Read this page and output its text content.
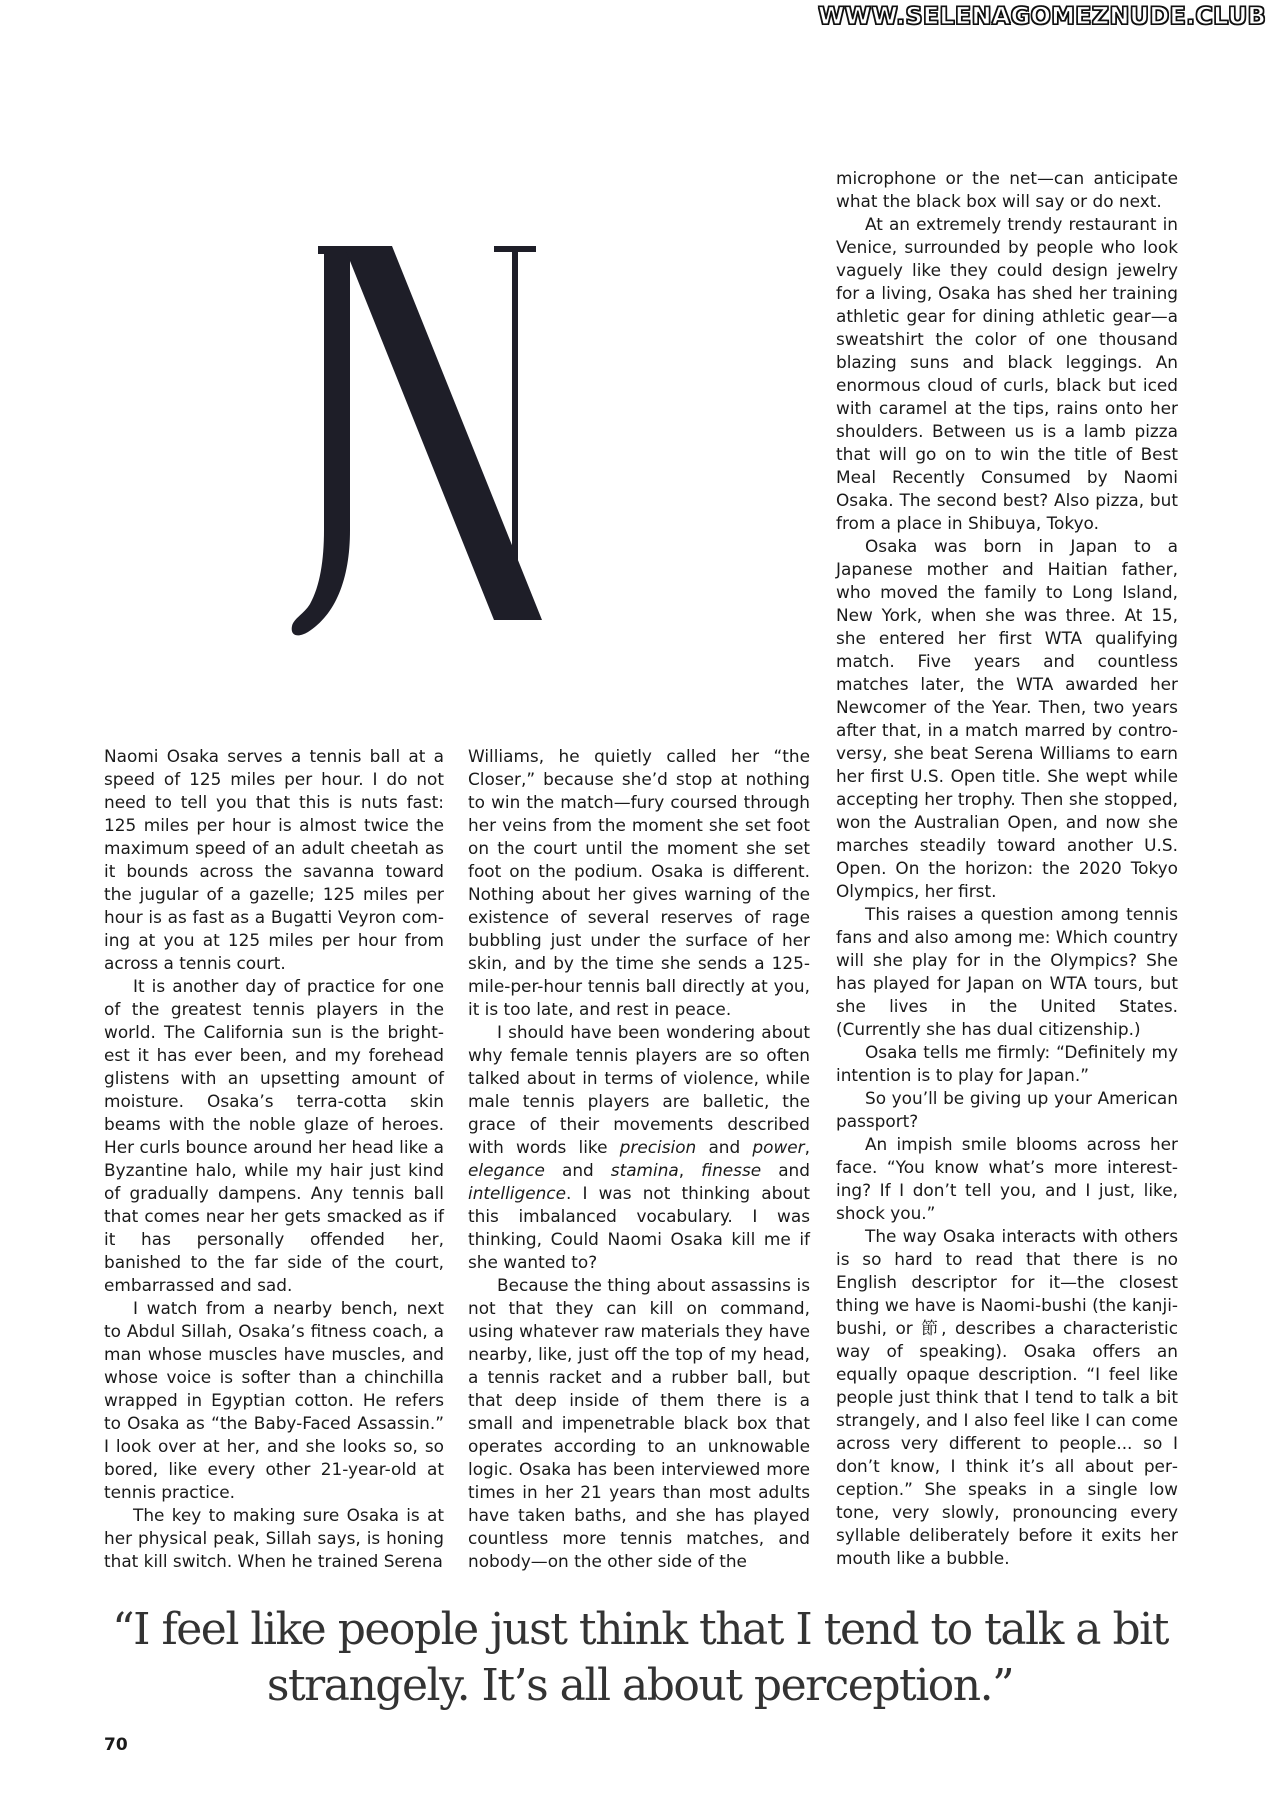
WWW.SELENAGOMEZNUDE.CLUB

Naomi Osaka serves a tennis ball at a speed of 125 miles per hour. I do not need to tell you that this is nuts fast: 125 miles per hour is almost twice the maximum speed of an adult cheetah as it bounds across the savanna toward the jugular of a gazelle; 125 miles per hour is as fast as a Bugatti Veyron coming at you at 125 miles per hour from across a tennis court.

It is another day of practice for one of the greatest tennis players in the world. The California sun is the brightest it has ever been, and my forehead glistens with an upsetting amount of moisture. Osaka’s terra-cotta skin beams with the noble glaze of heroes. Her curls bounce around her head like a Byzantine halo, while my hair just kind of gradually dampens. Any tennis ball that comes near her gets smacked as if it has personally offended her, banished to the far side of the court, embarrassed and sad.

I watch from a nearby bench, next to Abdul Sillah, Osaka’s fitness coach, a man whose muscles have muscles, and whose voice is softer than a chinchilla wrapped in Egyptian cotton. He refers to Osaka as “the Baby-Faced Assassin.” I look over at her, and she looks so, so bored, like every other 21-year-old at tennis practice.

The key to making sure Osaka is at her physical peak, Sillah says, is honing that kill switch. When he trained Serena

Williams, he quietly called her “the Closer,” because she’d stop at nothing to win the match—fury coursed through her veins from the moment she set foot on the court until the moment she set foot on the podium. Osaka is different. Nothing about her gives warning of the existence of several reserves of rage bubbling just under the surface of her skin, and by the time she sends a 125-mile-per-hour tennis ball directly at you, it is too late, and rest in peace.

I should have been wondering about why female tennis players are so often talked about in terms of violence, while male tennis players are balletic, the grace of their movements described with words like precision and power, elegance and stamina, finesse and intelligence. I was not thinking about this imbalanced vocabulary. I was thinking, Could Naomi Osaka kill me if she wanted to?

Because the thing about assassins is not that they can kill on command, using whatever raw materials they have nearby, like, just off the top of my head, a tennis racket and a rubber ball, but that deep inside of them there is a small and impenetrable black box that operates according to an unknowable logic. Osaka has been interviewed more times in her 21 years than most adults have taken baths, and she has played countless more tennis matches, and nobody—on the other side of the

microphone or the net—can anticipate what the black box will say or do next.

At an extremely trendy restaurant in Venice, surrounded by people who look vaguely like they could design jewelry for a living, Osaka has shed her training athletic gear for dining athletic gear—a sweatshirt the color of one thousand blazing suns and black leggings. An enormous cloud of curls, black but iced with caramel at the tips, rains onto her shoulders. Between us is a lamb pizza that will go on to win the title of Best Meal Recently Consumed by Naomi Osaka. The second best? Also pizza, but from a place in Shibuya, Tokyo.

Osaka was born in Japan to a Japanese mother and Haitian father, who moved the family to Long Island, New York, when she was three. At 15, she entered her first WTA qualifying match. Five years and countless matches later, the WTA awarded her Newcomer of the Year. Then, two years after that, in a match marred by controversy, she beat Serena Williams to earn her first U.S. Open title. She wept while accepting her trophy. Then she stopped, won the Australian Open, and now she marches steadily toward another U.S. Open. On the horizon: the 2020 Tokyo Olympics, her first.

This raises a question among tennis fans and also among me: Which country will she play for in the Olympics? She has played for Japan on WTA tours, but she lives in the United States. (Currently she has dual citizenship.)

Osaka tells me firmly: “Definitely my intention is to play for Japan.”

So you’ll be giving up your American passport?

An impish smile blooms across her face. “You know what’s more interesting? If I don’t tell you, and I just, like, shock you.”

The way Osaka interacts with others is so hard to read that there is no English descriptor for it—the closest thing we have is Naomi-bushi (the kanji-bushi, or 節, describes a characteristic way of speaking). Osaka offers an equally opaque description. “I feel like people just think that I tend to talk a bit strangely, and I also feel like I can come across very different to people... so I don’t know, I think it’s all about perception.” She speaks in a single low tone, very slowly, pronouncing every syllable deliberately before it exits her mouth like a bubble.

“I feel like people just think that I tend to talk a bit
strangely. It’s all about perception.”
70
